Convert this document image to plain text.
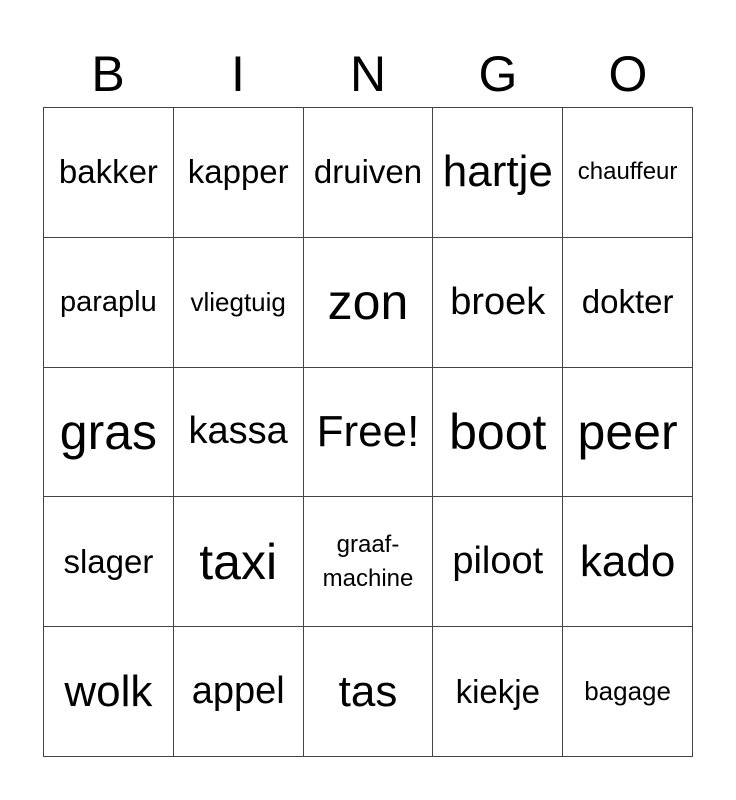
B	I	N	G	O
bakker kapper druiven hartje chauffeur
paraplu vliegtuig zon broek dokter
gras kassa Free! boot peer
slager taxi	graaf-machine piloot kado
wolk appel tas kiekje bagage
